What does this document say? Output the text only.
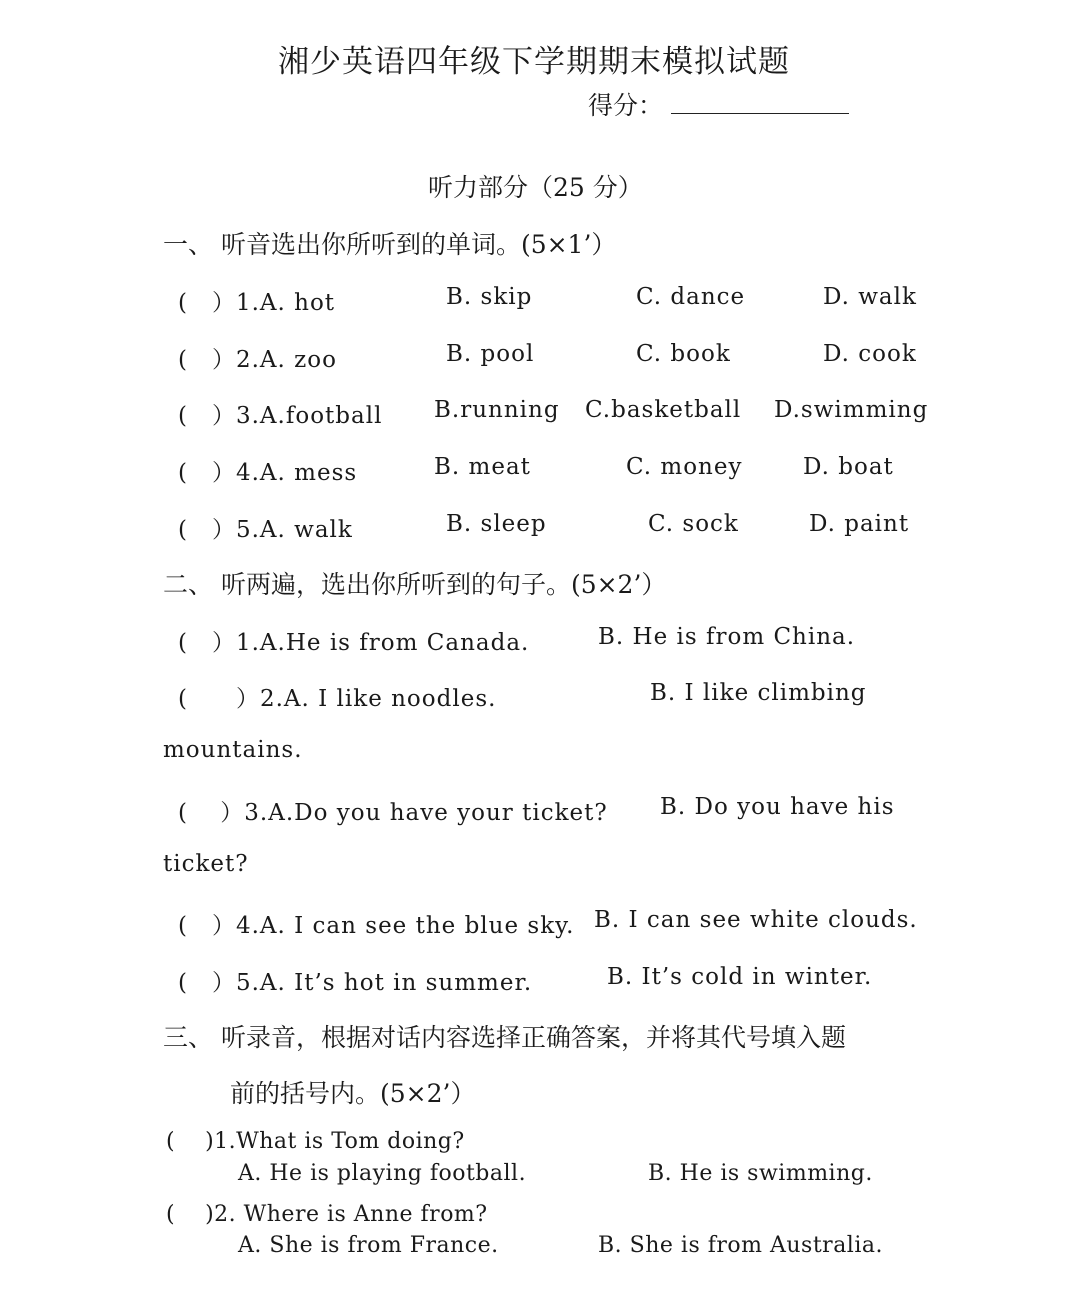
湘少英语四年级下学期期末模拟试题
得分：
听力部分（25 分）
一、 听音选出你所听到的单词。(5×1’）
(　）1.A. hot	B. skip	C. dance	D. walk
(　）2.A. zoo	B. pool	C. book	D. cook
(　）3.A.football B.running C.basketball D.swimming
(　）4.A. mess	B. meat	C. money	D. boat
(　）5.A. walk	B. sleep	C. sock	D. paint
二、 听两遍，选出你所听到的句子。(5×2’）
(　）1.A.He is from Canada.	B. He is from China.
(　　）2.A. I like noodles.	B. I like climbing
mountains.
(　 ）3.A.Do you have your ticket? B. Do you have his
ticket?
(　）4.A. I can see the blue sky. B. I can see white clouds.
(　）5.A. It’s hot in summer.	B. It’s cold in winter.
三、 听录音，根据对话内容选择正确答案，并将其代号填入题
前的括号内。(5×2’）
(　 )1.What is Tom doing?
A. He is playing football.	B. He is swimming.
(　 )2. Where is Anne from?
A. She is from France.	B. She is from Australia.
